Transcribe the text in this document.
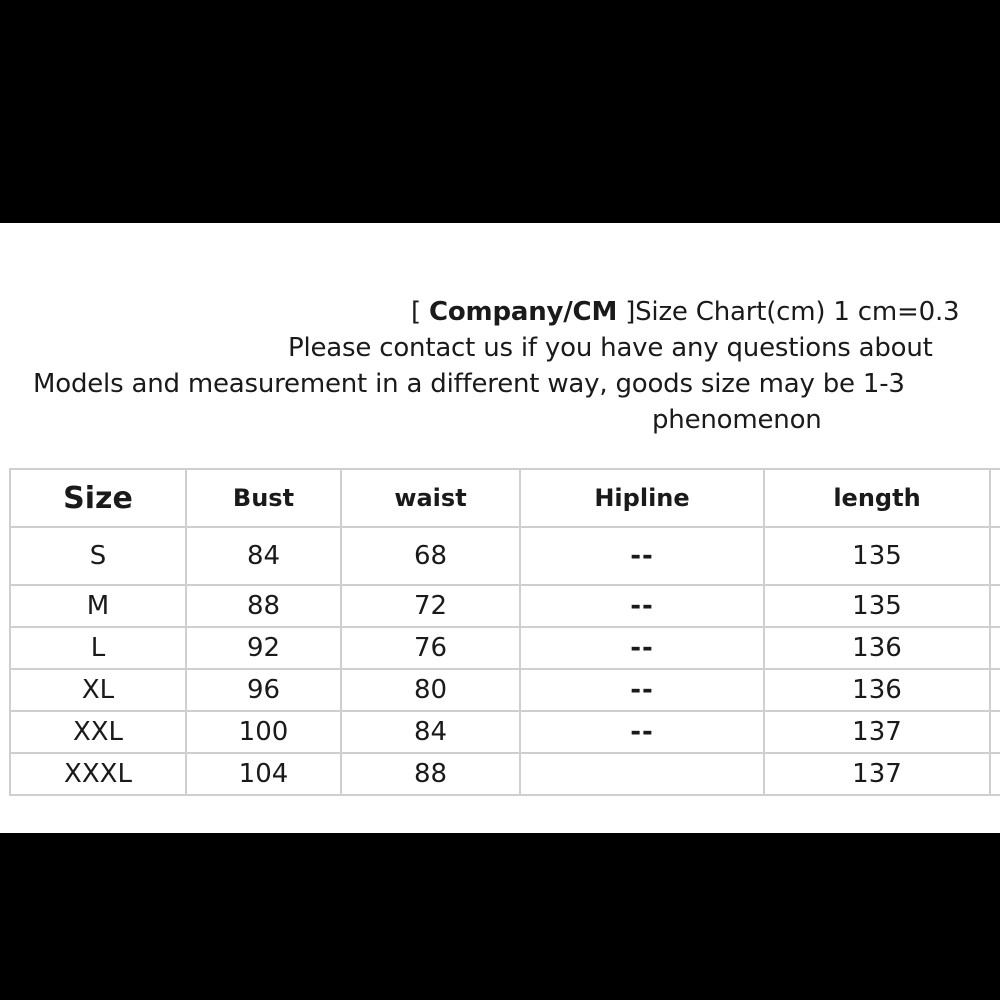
[ Company/CM ]Size Chart(cm) 1 cm=0.3
Please contact us if you have any questions about
Models and measurement in a different way, goods size may be 1-3
phenomenon
Size	Bust	waist	Hipline	length	
S	84	68	--	135	
M	88	72	--	135	
L	92	76	--	136	
XL	96	80	--	136	
XXL	100	84	--	137	
XXXL	104	88		137	
